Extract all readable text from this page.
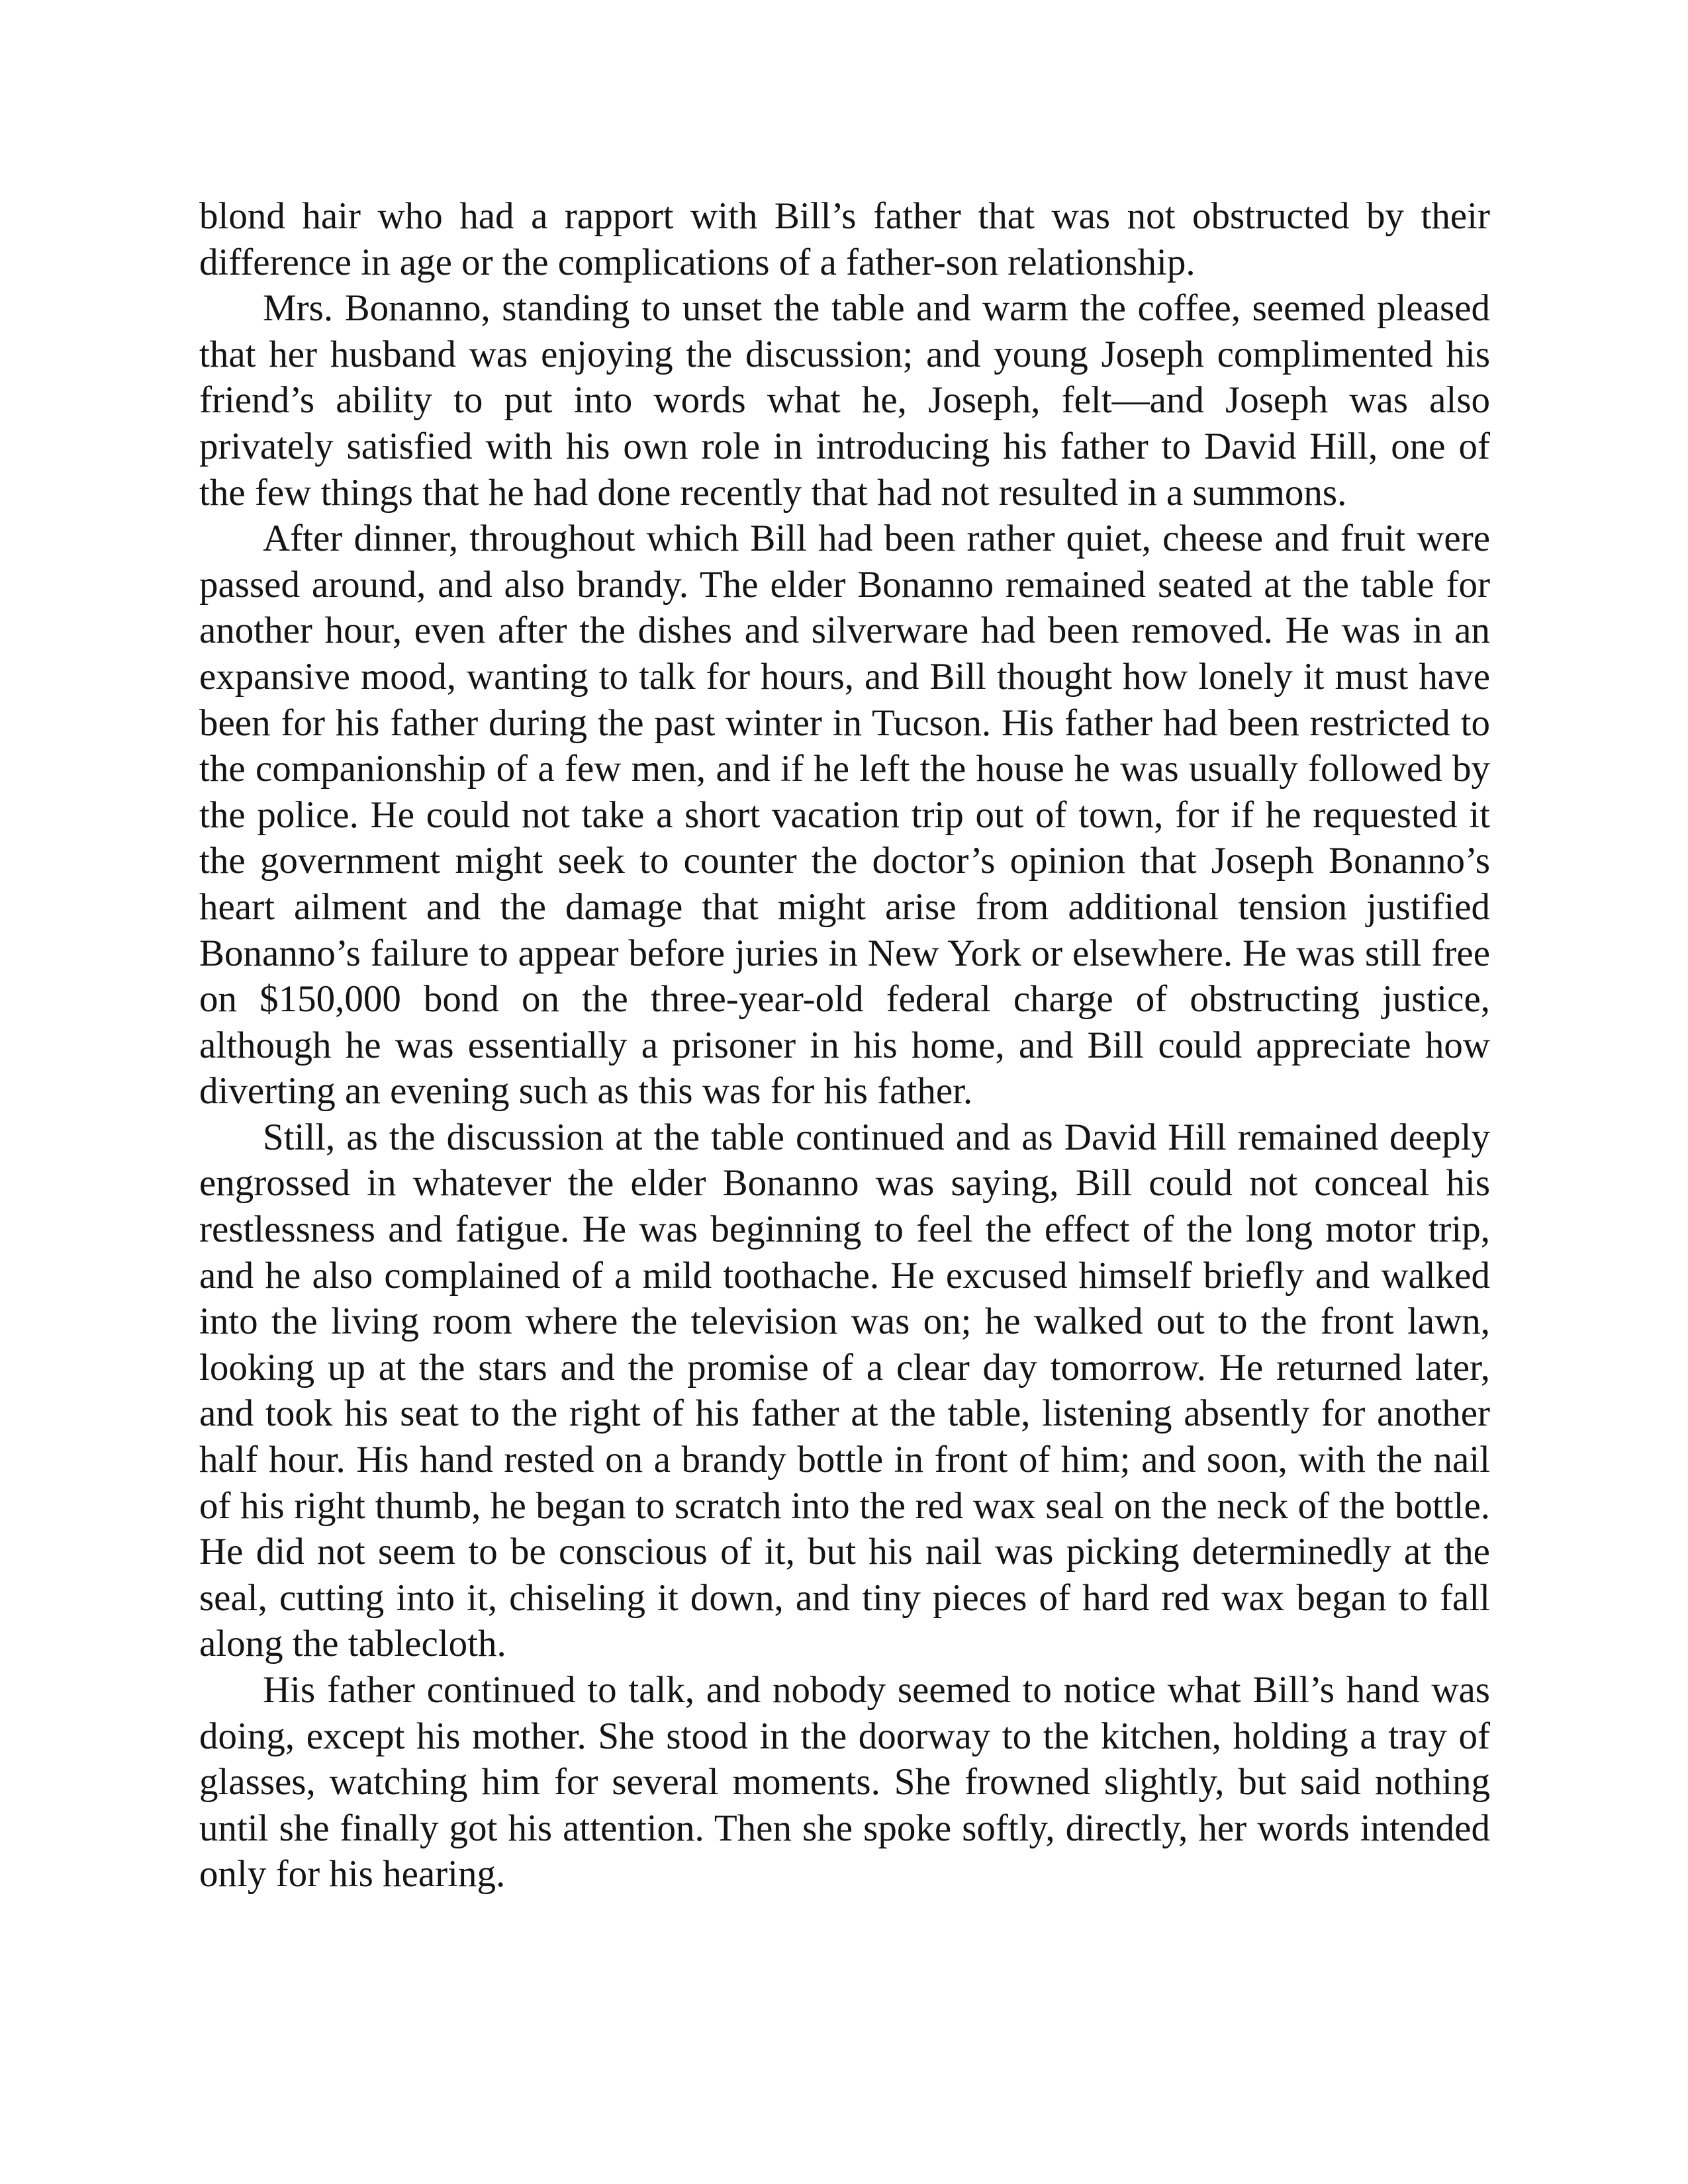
blond hair who had a rapport with Bill’s father that was not obstructed by their difference in age or the complications of a father-son relationship.

Mrs. Bonanno, standing to unset the table and warm the coffee, seemed pleased that her husband was enjoying the discussion; and young Joseph complimented his friend’s ability to put into words what he, Joseph, felt—and Joseph was also privately satisfied with his own role in introducing his father to David Hill, one of the few things that he had done recently that had not resulted in a summons.

After dinner, throughout which Bill had been rather quiet, cheese and fruit were passed around, and also brandy. The elder Bonanno remained seated at the table for another hour, even after the dishes and silverware had been removed. He was in an expansive mood, wanting to talk for hours, and Bill thought how lonely it must have been for his father during the past winter in Tucson. His father had been restricted to the companionship of a few men, and if he left the house he was usually followed by the police. He could not take a short vacation trip out of town, for if he requested it the government might seek to counter the doctor’s opinion that Joseph Bonanno’s heart ailment and the damage that might arise from additional tension justified Bonanno’s failure to appear before juries in New York or elsewhere. He was still free on $150,000 bond on the three-year-old federal charge of obstructing justice, although he was essentially a prisoner in his home, and Bill could appreciate how diverting an evening such as this was for his father.

Still, as the discussion at the table continued and as David Hill remained deeply engrossed in whatever the elder Bonanno was saying, Bill could not conceal his restlessness and fatigue. He was beginning to feel the effect of the long motor trip, and he also complained of a mild toothache. He excused himself briefly and walked into the living room where the television was on; he walked out to the front lawn, looking up at the stars and the promise of a clear day tomorrow. He returned later, and took his seat to the right of his father at the table, listening absently for another half hour. His hand rested on a brandy bottle in front of him; and soon, with the nail of his right thumb, he began to scratch into the red wax seal on the neck of the bottle. He did not seem to be conscious of it, but his nail was picking determinedly at the seal, cutting into it, chiseling it down, and tiny pieces of hard red wax began to fall along the tablecloth.

His father continued to talk, and nobody seemed to notice what Bill’s hand was doing, except his mother. She stood in the doorway to the kitchen, holding a tray of glasses, watching him for several moments. She frowned slightly, but said nothing until she finally got his attention. Then she spoke softly, directly, her words intended only for his hearing.
